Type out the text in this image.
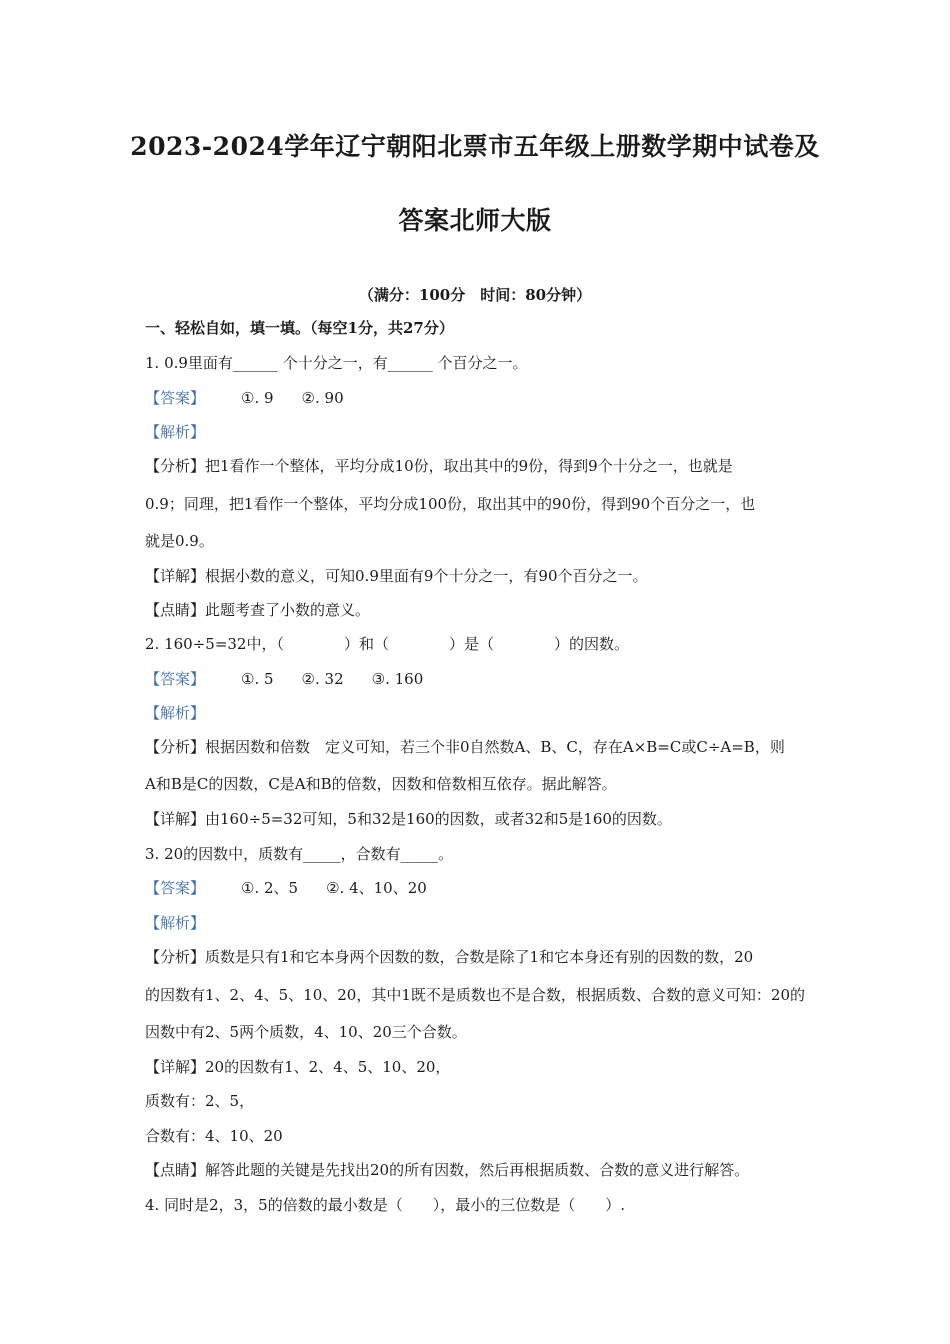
2023-2024学年辽宁朝阳北票市五年级上册数学期中试卷及
答案北师大版
（满分：100分　时间：80分钟）
一、轻松自如，填一填。（每空1分，共27分）
1. 0.9里面有______ 个十分之一，有______ 个百分之一。
【答案】 ①. 9 ②. 90
【解析】
【分析】把1看作一个整体，平均分成10份，取出其中的9份，得到9个十分之一，也就是
0.9；同理，把1看作一个整体，平均分成100份，取出其中的90份，得到90个百分之一，也
就是0.9。
【详解】根据小数的意义，可知0.9里面有9个十分之一，有90个百分之一。
【点睛】此题考查了小数的意义。
2. 160÷5=32中，（　　　　）和（　　　　）是（　　　　）的因数。
【答案】 ①. 5 ②. 32 ③. 160
【解析】
【分析】根据因数和倍数　定义可知，若三个非0自然数A、B、C，存在A×B=C或C÷A=B，则
A和B是C的因数，C是A和B的倍数，因数和倍数相互依存。据此解答。
【详解】由160÷5=32可知，5和32是160的因数，或者32和5是160的因数。
3. 20的因数中，质数有_____，合数有_____。
【答案】 ①. 2、5 ②. 4、10、20
【解析】
【分析】质数是只有1和它本身两个因数的数，合数是除了1和它本身还有别的因数的数，20
的因数有1、2、4、5、10、20，其中1既不是质数也不是合数，根据质数、合数的意义可知：20的
因数中有2、5两个质数，4、10、20三个合数。
【详解】20的因数有1、2、4、5、10、20，
质数有：2、5，
合数有：4、10、20
【点睛】解答此题的关键是先找出20的所有因数，然后再根据质数、合数的意义进行解答。
4. 同时是2，3，5的倍数的最小数是（　　），最小的三位数是（　　）.
